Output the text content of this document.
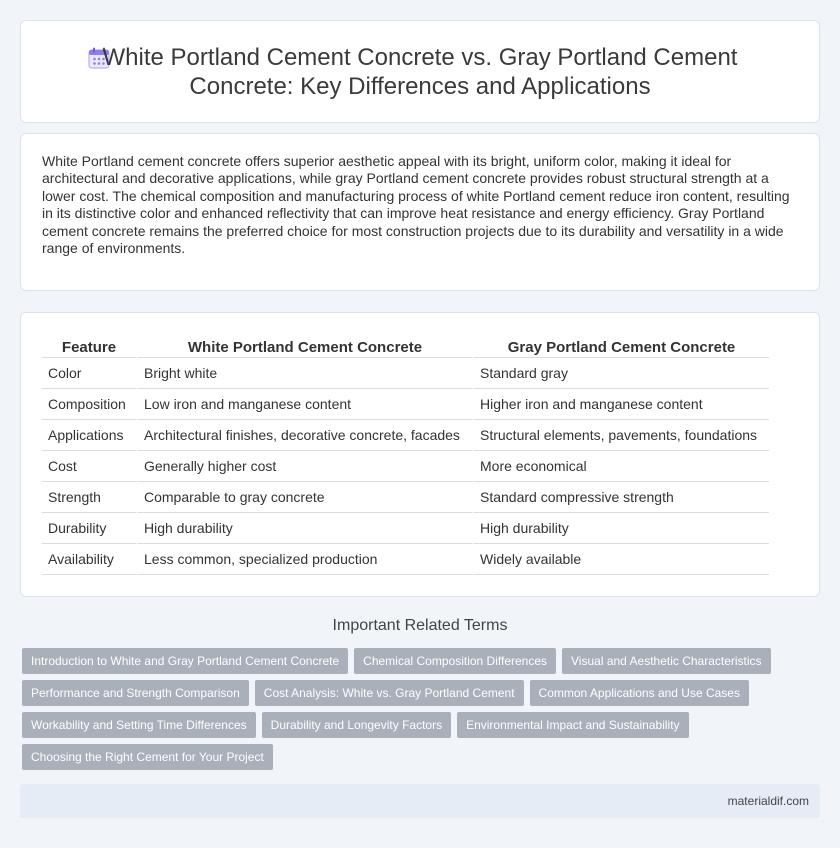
White Portland Cement Concrete vs. Gray Portland Cement Concrete: Key Differences and Applications

White Portland cement concrete offers superior aesthetic appeal with its bright, uniform color, making it ideal for architectural and decorative applications, while gray Portland cement concrete provides robust structural strength at a lower cost. The chemical composition and manufacturing process of white Portland cement reduce iron content, resulting in its distinctive color and enhanced reflectivity that can improve heat resistance and energy efficiency. Gray Portland cement concrete remains the preferred choice for most construction projects due to its durability and versatility in a wide range of environments.

Feature	White Portland Cement Concrete	Gray Portland Cement Concrete
Color	Bright white	Standard gray
Composition	Low iron and manganese content	Higher iron and manganese content
Applications	Architectural finishes, decorative concrete, facades	Structural elements, pavements, foundations
Cost	Generally higher cost	More economical
Strength	Comparable to gray concrete	Standard compressive strength
Durability	High durability	High durability
Availability	Less common, specialized production	Widely available
Important Related Terms
Introduction to White and Gray Portland Cement Concrete	Chemical Composition Differences	Visual and Aesthetic Characteristics
Performance and Strength Comparison	Cost Analysis: White vs. Gray Portland Cement	Common Applications and Use Cases
Workability and Setting Time Differences	Durability and Longevity Factors	Environmental Impact and Sustainability
Choosing the Right Cement for Your Project
materialdif.com
